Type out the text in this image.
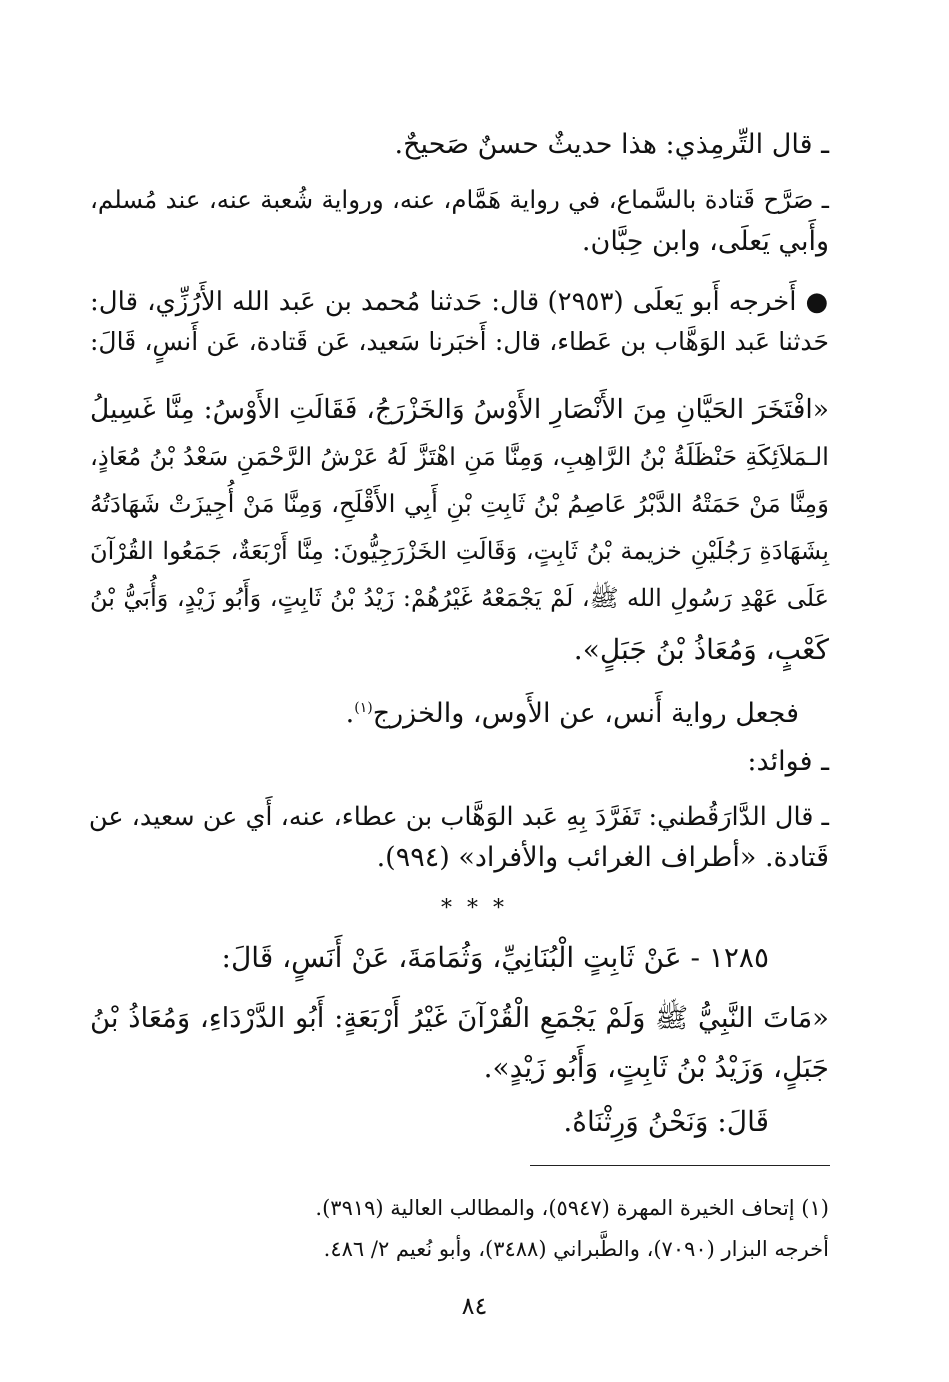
ـ قال التِّرمِذي: هذا حديثٌ حسنٌ صَحيحٌ.
ـ صَرَّح قَتادة بالسَّماع، في رواية هَمَّام، عنه، ورواية شُعبة عنه، عند مُسلم،
وأَبي يَعلَى، وابن حِبَّان.
● أَخرجه أَبو يَعلَى (٢٩٥٣) قال: حَدثنا مُحمد بن عَبد الله الأَرُزِّي، قال:
حَدثنا عَبد الوَهَّاب بن عَطاء، قال: أَخبَرنا سَعيد، عَن قَتادة، عَن أَنسٍ، قَالَ:
«افْتَخَرَ الحَيَّانِ مِنَ الأَنْصَارِ الأَوْسُ وَالخَزْرَجُ، فَقَالَتِ الأَوْسُ: مِنَّا غَسِيلُ
الـمَلاَئِكَةِ حَنْظَلَةُ بْنُ الرَّاهِبِ، وَمِنَّا مَنِ اهْتَزَّ لَهُ عَرْشُ الرَّحْمَنِ سَعْدُ بْنُ مُعَاذٍ،
وَمِنَّا مَنْ حَمَتْهُ الدَّبْرُ عَاصِمُ بْنُ ثَابِتِ بْنِ أَبِي الأَقْلَحِ، وَمِنَّا مَنْ أُجِيزَتْ شَهَادَتُهُ
بِشَهَادَةِ رَجُلَيْنِ خزيمة بْنُ ثَابِتٍ، وَقَالَتِ الخَزْرَجِيُّونَ: مِنَّا أَرْبَعَةٌ، جَمَعُوا القُرْآنَ
عَلَى عَهْدِ رَسُولِ الله ﷺ، لَمْ يَجْمَعْهُ غَيْرُهُمْ: زَيْدُ بْنُ ثَابِتٍ، وَأَبُو زَيْدٍ، وَأُبَيُّ بْنُ
كَعْبٍ، وَمُعَاذُ بْنُ جَبَلٍ».
فجعل رواية أَنس، عن الأَوس، والخزرج$^{(١)}$.
ـ فوائد:
ـ قال الدَّارَقُطني: تَفَرَّدَ بِهِ عَبد الوَهَّاب بن عطاء، عنه، أَي عن سعيد، عن
قَتادة. «أطراف الغرائب والأفراد» (٩٩٤).
* * *
١٢٨٥ - عَنْ ثَابِتٍ الْبُنَانِيِّ، وَثُمَامَةَ، عَنْ أَنَسٍ، قَالَ:
«مَاتَ النَّبِيُّ ﷺ وَلَمْ يَجْمَعِ الْقُرْآنَ غَيْرُ أَرْبَعَةٍ: أَبُو الدَّرْدَاءِ، وَمُعَاذُ بْنُ
جَبَلٍ، وَزَيْدُ بْنُ ثَابِتٍ، وَأَبُو زَيْدٍ».
قَالَ: وَنَحْنُ وَرِثْنَاهُ.
(١) إتحاف الخيرة المهرة (٥٩٤٧)، والمطالب العالية (٣٩١٩).
أخرجه البزار (٧٠٩٠)، والطَّبراني (٣٤٨٨)، وأبو نُعيم ٢/ ٤٨٦.
٨٤
